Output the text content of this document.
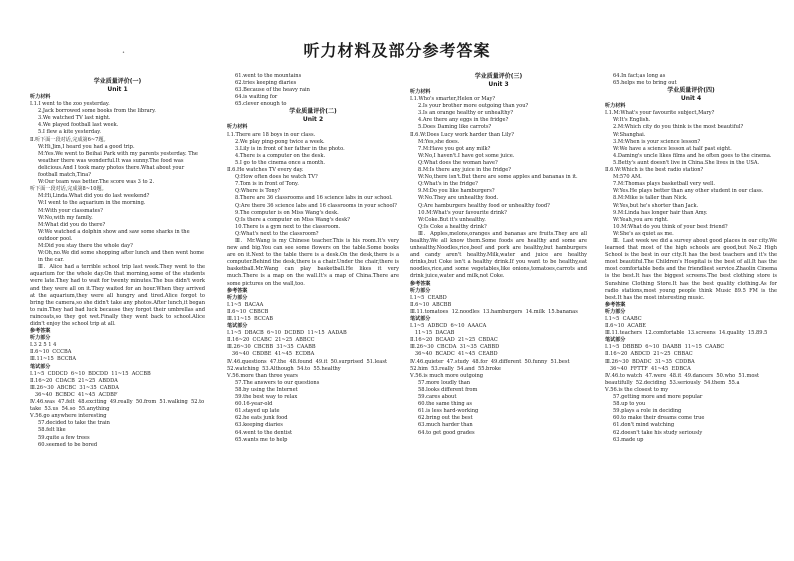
•	听力材料及部分参考答案
学业质量评价(一)
Unit 1
听力材料
Ⅰ.1.I went to the zoo yesterday.
2.Jack borrowed some books from the library.
3.We watched TV last night.
4.We played football last week.
5.I flew a kite yesterday.
Ⅱ.听下面一段对话,完成第6~7题。
W:Hi,Jim,I heard you had a good trip.
M:Yes.We went to Beihai Park with my parents yesterday. The weather there was wonderful.It was sunny.The food was delicious.And I took many photos there.What about your football match,Tina?
W:Our team was better.The score was 3 to 2.
听下面一段对话,完成第8~10题。
M:Hi,Linda.What did you do last weekend?
W:I went to the aquarium in the morning.
M:With your classmates?
W:No,with my family.
M:What did you do there?
W:We watched a dolphin show and saw some sharks in the outdoor pool.
M:Did you stay there the whole day?
W:Oh,no.We did some shopping after lunch and then went home in the car.
Ⅲ.  Alice had a terrible school trip last week.They went to the aquarium for the whole day.On that morning,some of the students were late.They had to wait for twenty minutes.The bus didn't work and they were all on it.They waited for an hour.When they arrived at the aquarium,they were all hungry and tired.Alice forgot to bring the camera,so she didn't take any photos.After lunch,it began to rain.They had bad luck because they forgot their umbrellas and raincoats,so they got wet.Finally they went back to school.Alice didn't enjoy the school trip at all.
参考答案
听力部分
Ⅰ.3 2 5 1 4
Ⅱ.6~10  CCCBA
Ⅲ.11~15  BCCBA
笔试部分
Ⅰ.1~5  CDDCD  6~10  BDCDD  11~15  ACCBB
Ⅱ.16~20  CDACB  21~25  ABDDA
Ⅲ.26~30  ABCBC  31~35  CABDA
36~40  BCBDC  41~45  ACDBF
Ⅳ.46.was  47.felt  48.exciting  49.really  50.from  51.walking  52.to take  53.us  54.so  55.anything
Ⅴ.56.go anywhere interesting
57.decided to take the train
58.felt like
59.quite a few trees
60.seemed to be bored
61.went to the mountains
62.tries keeping diaries
63.Because of the heavy rain
64.is waiting for
65.clever enough to
学业质量评价(二)
Unit 2
听力材料
Ⅰ.1.There are 18 boys in our class.
2.We play ping-pong twice a week.
3.Lily is in front of her father in the photo.
4.There is a computer on the desk.
5.I go to the cinema once a month.
Ⅱ.6.He watches TV every day.
Q:How often does he watch TV?
7.Tom is in front of Tony.
Q:Where is Tony?
8.There are 36 classrooms and 16 science labs in our school.
Q:Are there 36 science labs and 16 classrooms in your school?
9.The computer is on Miss Wang's desk.
Q:Is there a computer on Miss Wang's desk?
10.There is a gym next to the classroom.
Q:What's next to the classroom?
Ⅲ.  Mr.Wang is my Chinese teacher.This is his room.It's very new and big.You can see some flowers on the table.Some books are on it.Next to the table there is a desk.On the desk,there is a computer.Behind the desk,there is a chair.Under the chair,there is basketball.Mr.Wang can play basketball.He likes it very much.There is a map on the wall.It's a map of China.There are some pictures on the wall,too.
参考答案
听力部分
Ⅰ.1~5  BACAA
Ⅱ.6~10  CBBCB
Ⅲ.11~15  BCCAB
笔试部分
Ⅰ.1~5  DBACB  6~10  DCDBD  11~15  AADAB
Ⅱ.16~20  CCABC  21~25  ABBCC
Ⅲ.26~30  CBCBB  31~35  CAABB
36~40  CBDBE  41~45  ECDBA
Ⅳ.46.questions  47.the  48.found  49.it  50.surprised  51.least  52.watching  53.Although  54.to  55.healthy
Ⅴ.56.more than three years
57.The answers to our questions
58.by using the Internet
59.the best way to relax
60.16-year-old
61.stayed up late
62.he eats junk food
63.keeping diaries
64.went to the dentist
65.wants me to help
学业质量评价(三)
Unit 3
听力材料
Ⅰ.1.Who's smarter,Helen or May?
2.Is your brother more outgoing than you?
3.Is an orange healthy or unhealthy?
4.Are there any eggs in the fridge?
5.Does Daming like carrots?
Ⅱ.6.W:Does Lucy work harder than Lily?
M:Yes,she does.
7.M:Have you got any milk?
W:No,I haven't.I have got some juice.
Q:What does the woman have?
8.M:Is there any juice in the fridge?
W:No,there isn't.But there are some apples and bananas in it.
Q:What's in the fridge?
9.M:Do you like hamburgers?
W:No.They are unhealthy food.
Q:Are hamburgers healthy food or unhealthy food?
10.M:What's your favourite drink?
W:Coke.But it's unhealthy.
Q:Is Coke a healthy drink?
Ⅲ.  Apples,melons,oranges and bananas are fruits.They are all healthy.We all know them.Some foods are healthy and some are unhealthy.Noodles,rice,beef and pork are healthy,but hamburgers and candy aren't healthy.Milk,water and juice are healthy drinks,but Coke isn't a healthy drink.If you want to be healthy,eat noodles,rice,and some vegetables,like onions,tomatoes,carrots and drink juice,water and milk,not Coke.
参考答案
听力部分
Ⅰ.1~5  CEABD
Ⅱ.6~10  ABCBB
Ⅲ.11.tomatoes  12.noodles  13.hamburgers  14.milk  15.bananas
笔试部分
Ⅰ.1~5  ADBCD  6~10  AAACA
11~15  DACAB
Ⅱ.16~20  BCAAD  21~25  CBDAC
Ⅲ.26~30  CBCDA  31~35  CABBD
36~40  BCADC  41~45  CEABD
Ⅳ.46.quieter  47.study  48.for  49.different  50.funny  51.best  52.him  53.really  54.and  55.broke
Ⅴ.56.is much more outgoing
57.more loudly than
58.looks different from
59.cares about
60.the same thing as
61.is less hard-working
62.bring out the best
63.much harder than
64.to get good grades
64.In fact;as long as
65.helps me to bring out
学业质量评价(四)
Unit 4
听力材料
Ⅰ.1.M:What's your favourite subject,Mary?
W:It's English.
2.M:Which city do you think is the most beautiful?
W:Shanghai.
3.M:When is your science lesson?
W:We have a science lesson at half past eight.
4.Daming's uncle likes films and he often goes to the cinema.
5.Betty's aunt doesn't live in China.She lives in the USA.
Ⅱ.6.W:Which is the best radio station?
M:570 AM.
7.M:Thomas plays basketball very well.
W:Yes.He plays better than any other student in our class.
8.M:Mike is taller than Nick.
W:Yes,but he's shorter than Jack.
9.M:Linda has longer hair than Amy.
W:Yeah,you are right.
10.M:What do you think of your best friend?
W:She's as quiet as me.
Ⅲ.  Last week we did a survey about good places in our city.We learned that most of the high schools are good,but No.2 High School is the best in our city.It has the best teachers and it's the most beautiful.The Children's Hospital is the best of all.It has the most comfortable beds and the friendliest service.Zhaolin Cinema is the best.It has the biggest screens.The best clothing store is Sunshine Clothing Store.It has the best quality clothing.As for radio stations,most young people think Music 89.5 FM is the best.It has the most interesting music.
参考答案
听力部分
Ⅰ.1~5  CAABC
Ⅱ.6~10  ACABE
Ⅲ.11.teachers  12.comfortable  13.screens  14.quality  15.89.5
笔试部分
Ⅰ.1~5  DBBBD  6~10  DAABB  11~15  CAABC
Ⅱ.16~20  ABDCD  21~25  CBBAC
Ⅲ.26~30  BDADC  31~35  CDDBA
36~40  FFTTF  41~45  EDBCA
Ⅳ.46.to watch  47.were  48.it  49.dancers  50.who  51.most beautifully  52.deciding  53.seriously  54.them  55.a
Ⅴ.56.is the closest to my
57.getting more and more popular
58.up to you
59.plays a role in deciding
60.to make their dreams come true
61.don't mind watching
62.doesn't take his study seriously
63.made up
